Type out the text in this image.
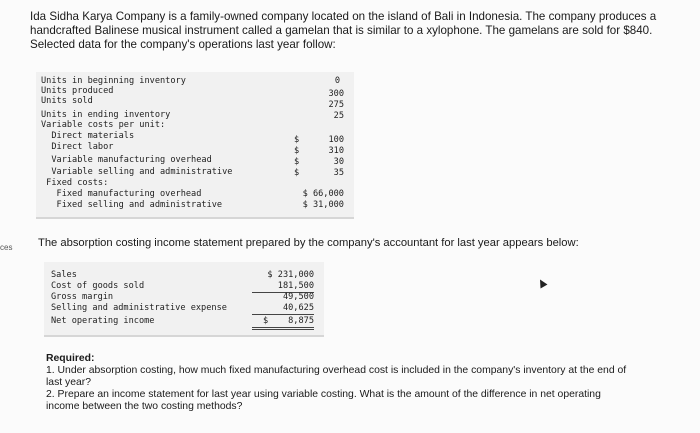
Ida Sidha Karya Company is a family-owned company located on the island of Bali in Indonesia. The company produces a
handcrafted Balinese musical instrument called a gamelan that is similar to a xylophone. The gamelans are sold for $840.
Selected data for the company's operations last year follow:
Units in beginning inventory	0
Units produced	300
Units sold	275
Units in ending inventory	25
Variable costs per unit:
Direct materials	$	100
Direct labor	$	310
Variable manufacturing overhead	$	30
Variable selling and administrative	$	35
Fixed costs:
Fixed manufacturing overhead	$ 66,000
Fixed selling and administrative	$ 31,000
ces The absorption costing income statement prepared by the company's accountant for last year appears below:
Sales	$ 231,000
Cost of goods sold	181,500
Gross margin	49,500
Selling and administrative expense	40,625
Net operating income	$	8,875
Required:
1. Under absorption costing, how much fixed manufacturing overhead cost is included in the company's inventory at the end of
last year?
2. Prepare an income statement for last year using variable costing. What is the amount of the difference in net operating
income between the two costing methods?
